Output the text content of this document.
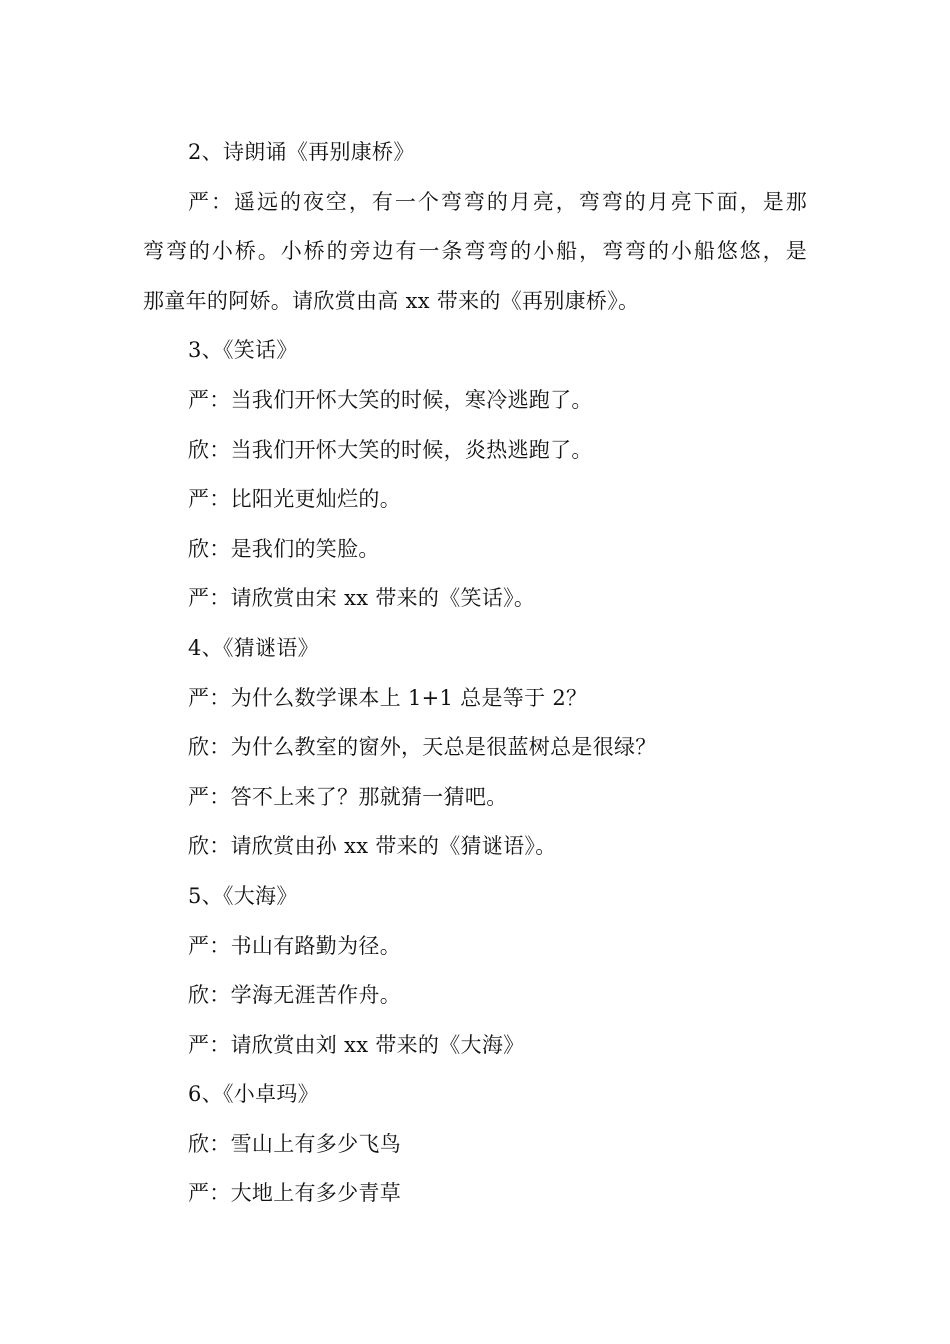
2、诗朗诵《再别康桥》

严：遥远的夜空，有一个弯弯的月亮，弯弯的月亮下面，是那

弯弯的小桥。小桥的旁边有一条弯弯的小船，弯弯的小船悠悠，是

那童年的阿娇。请欣赏由高 xx 带来的《再别康桥》。

3、《笑话》

严：当我们开怀大笑的时候，寒冷逃跑了。

欣：当我们开怀大笑的时候，炎热逃跑了。

严：比阳光更灿烂的。

欣：是我们的笑脸。

严：请欣赏由宋 xx 带来的《笑话》。

4、《猜谜语》

严：为什么数学课本上 1+1 总是等于 2？

欣：为什么教室的窗外，天总是很蓝树总是很绿？

严：答不上来了？那就猜一猜吧。

欣：请欣赏由孙 xx 带来的《猜谜语》。

5、《大海》

严：书山有路勤为径。

欣：学海无涯苦作舟。

严：请欣赏由刘 xx 带来的《大海》

6、《小卓玛》

欣：雪山上有多少飞鸟

严：大地上有多少青草
